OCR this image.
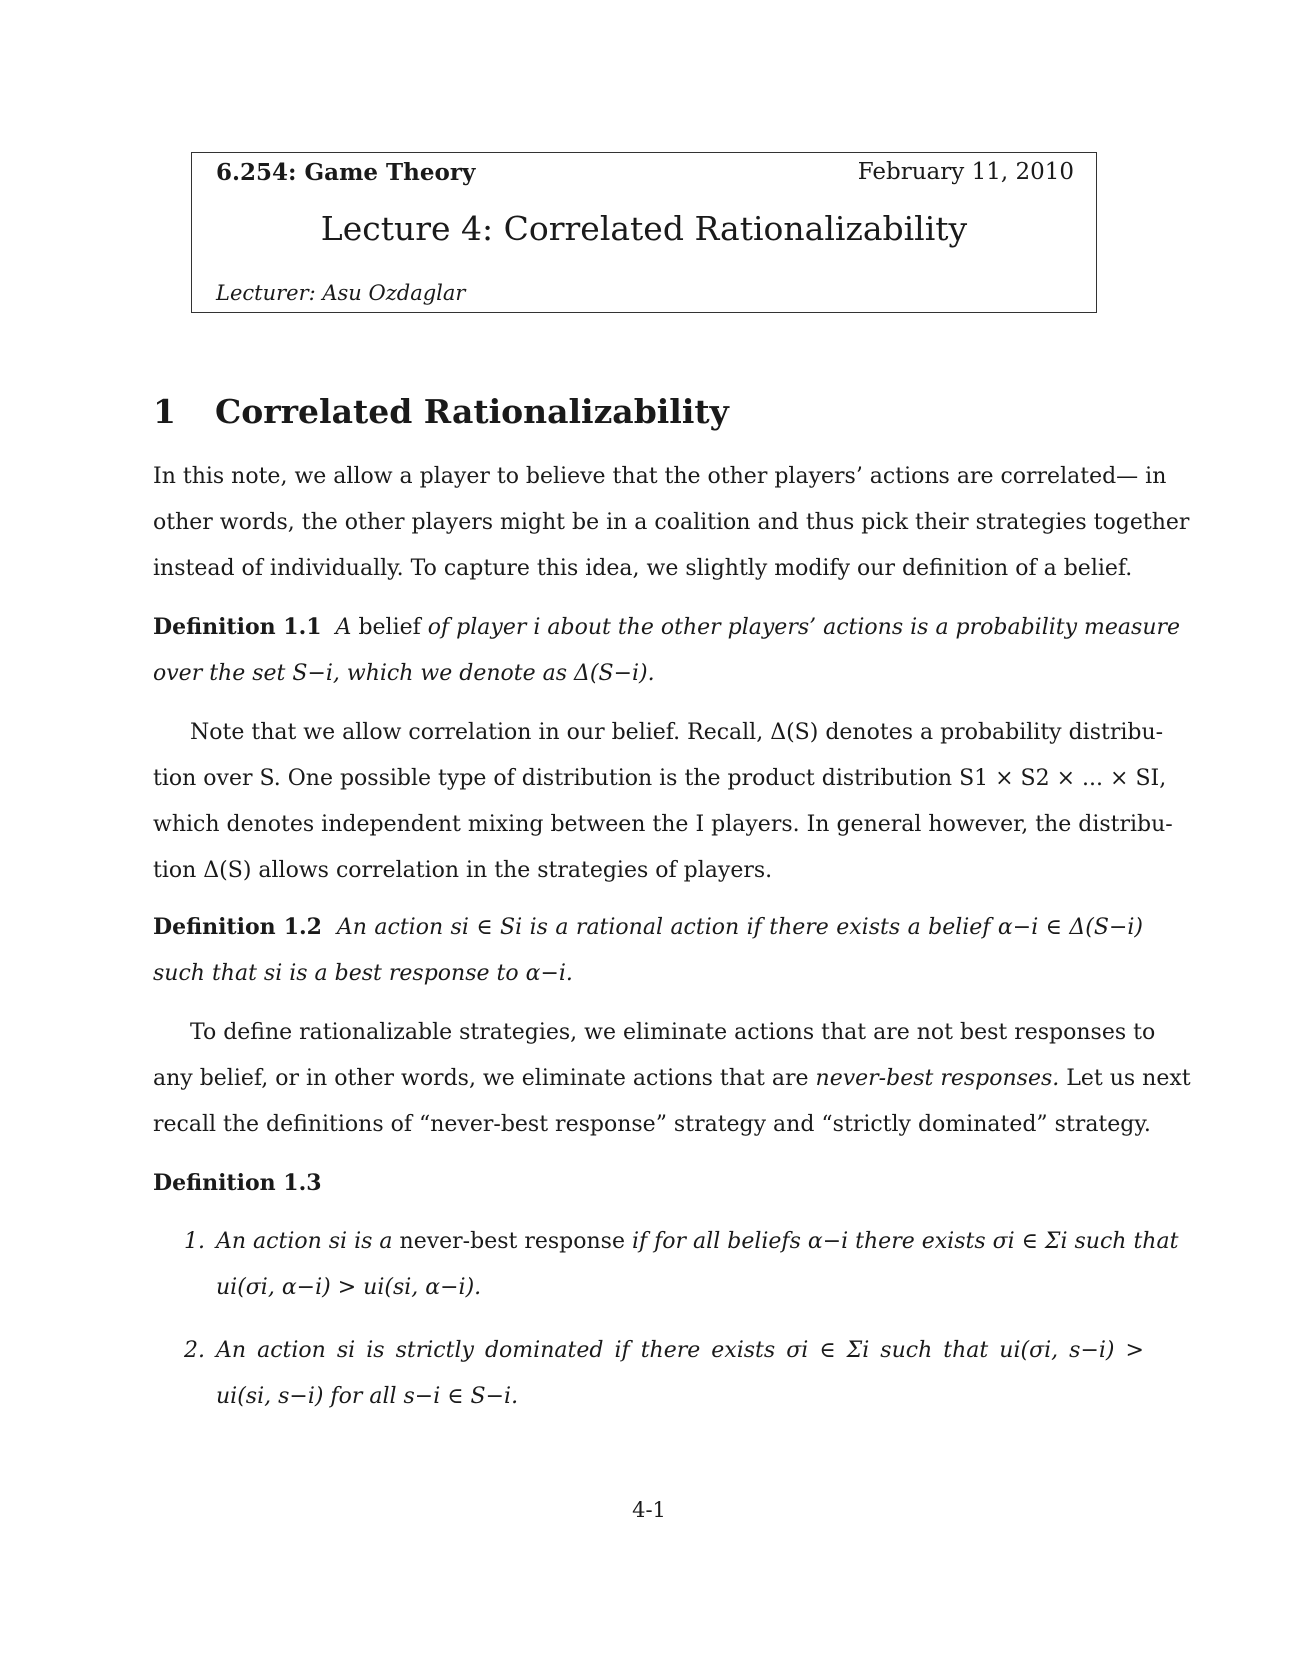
6.254: Game Theory	February 11, 2010
Lecture 4: Correlated Rationalizability
Lecturer: Asu Ozdaglar
1 Correlated Rationalizability
In this note, we allow a player to believe that the other players’ actions are correlated— in
other words, the other players might be in a coalition and thus pick their strategies together
instead of individually. To capture this idea, we slightly modify our definition of a belief.
Definition 1.1 A belief of player i about the other players’ actions is a probability measure
over the set S−i, which we denote as Δ(S−i).
Note that we allow correlation in our belief. Recall, Δ(S) denotes a probability distribu-
tion over S. One possible type of distribution is the product distribution S1 × S2 × ... × SI,
which denotes independent mixing between the I players. In general however, the distribu-
tion Δ(S) allows correlation in the strategies of players.
Definition 1.2 An action si ∈ Si is a rational action if there exists a belief α−i ∈ Δ(S−i)
such that si is a best response to α−i.
To define rationalizable strategies, we eliminate actions that are not best responses to
any belief, or in other words, we eliminate actions that are never-best responses. Let us next
recall the definitions of “never-best response” strategy and “strictly dominated” strategy.
Definition 1.3
1. An action si is a never-best response if for all beliefs α−i there exists σi ∈ Σi such that
ui(σi, α−i) > ui(si, α−i).
2. An action si is strictly dominated if there exists σi ∈ Σi such that ui(σi, s−i) >
ui(si, s−i) for all s−i ∈ S−i.
4-1
